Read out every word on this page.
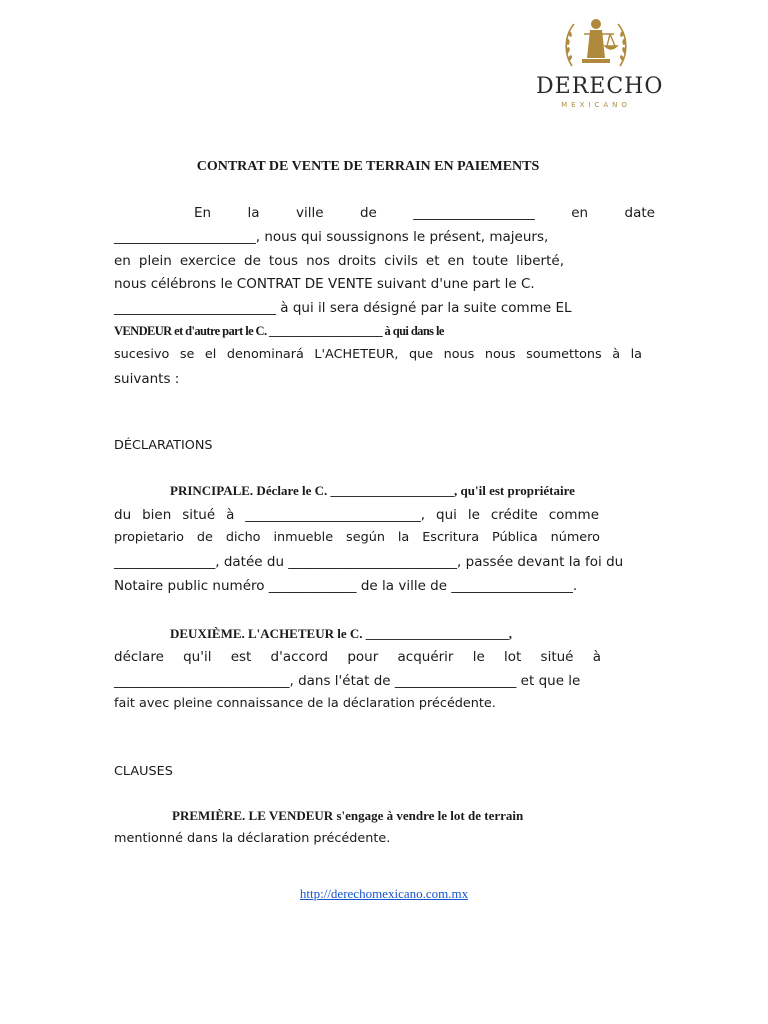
DERECHO
MEXICANO
CONTRAT DE VENTE DE TERRAIN EN PAIEMENTS
En la ville de __________________ en date
_____________________, nous qui soussignons le présent, majeurs,
en plein exercice de tous nos droits civils et en toute liberté,
nous célébrons le CONTRAT DE VENTE suivant d'une part le C.
________________________ à qui il sera désigné par la suite comme EL
VENDEUR et d'autre part le C. ____________________ à qui dans le
sucesivo se el denominará L'ACHETEUR, que nous nous soumettons à la
suivants :
DÉCLARATIONS
PRINCIPALE. Déclare le C. ___________________, qu'il est propriétaire
du bien situé à __________________________, qui le crédite comme
propietario de dicho inmueble según la Escritura Pública número
_______________, datée du _________________________, passée devant la foi du
Notaire public numéro _____________ de la ville de __________________.
DEUXIÈME. L'ACHETEUR le C. ______________________,
déclare qu'il est d'accord pour acquérir le lot situé à
__________________________, dans l'état de __________________ et que le
fait avec pleine connaissance de la déclaration précédente.
CLAUSES
PREMIÈRE. LE VENDEUR s'engage à vendre le lot de terrain
mentionné dans la déclaration précédente.
http://derechomexicano.com.mx
